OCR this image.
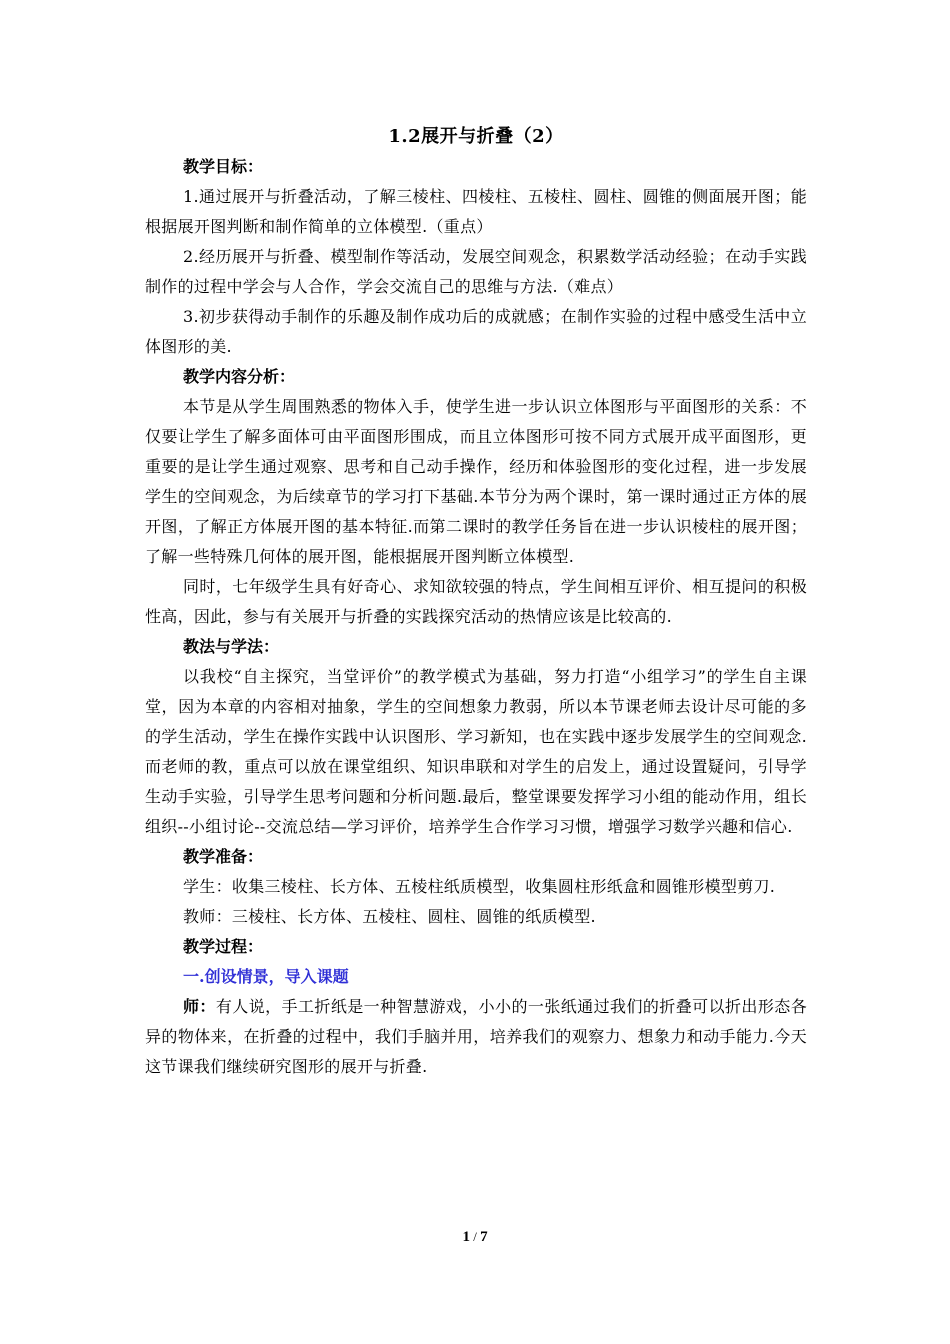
1.2展开与折叠（2）

教学目标：

1.通过展开与折叠活动，了解三棱柱、四棱柱、五棱柱、圆柱、圆锥的侧面展开图；能根据展开图判断和制作简单的立体模型.（重点）

2.经历展开与折叠、模型制作等活动，发展空间观念，积累数学活动经验；在动手实践制作的过程中学会与人合作，学会交流自己的思维与方法.（难点）

3.初步获得动手制作的乐趣及制作成功后的成就感；在制作实验的过程中感受生活中立体图形的美.

教学内容分析：

本节是从学生周围熟悉的物体入手，使学生进一步认识立体图形与平面图形的关系：不仅要让学生了解多面体可由平面图形围成，而且立体图形可按不同方式展开成平面图形，更重要的是让学生通过观察、思考和自己动手操作，经历和体验图形的变化过程，进一步发展学生的空间观念，为后续章节的学习打下基础.本节分为两个课时，第一课时通过正方体的展开图，了解正方体展开图的基本特征.而第二课时的教学任务旨在进一步认识棱柱的展开图；了解一些特殊几何体的展开图，能根据展开图判断立体模型.

同时，七年级学生具有好奇心、求知欲较强的特点，学生间相互评价、相互提问的积极性高，因此，参与有关展开与折叠的实践探究活动的热情应该是比较高的.

教法与学法：

以我校“自主探究，当堂评价”的教学模式为基础，努力打造“小组学习”的学生自主课堂，因为本章的内容相对抽象，学生的空间想象力教弱，所以本节课老师去设计尽可能的多的学生活动，学生在操作实践中认识图形、学习新知，也在实践中逐步发展学生的空间观念.而老师的教，重点可以放在课堂组织、知识串联和对学生的启发上，通过设置疑问，引导学生动手实验，引导学生思考问题和分析问题.最后，整堂课要发挥学习小组的能动作用，组长组织--小组讨论--交流总结—学习评价，培养学生合作学习习惯，增强学习数学兴趣和信心.

教学准备：

学生：收集三棱柱、长方体、五棱柱纸质模型，收集圆柱形纸盒和圆锥形模型剪刀.

教师：三棱柱、长方体、五棱柱、圆柱、圆锥的纸质模型.

教学过程：

一.创设情景，导入课题

师：有人说，手工折纸是一种智慧游戏，小小的一张纸通过我们的折叠可以折出形态各异的物体来，在折叠的过程中，我们手脑并用，培养我们的观察力、想象力和动手能力.今天这节课我们继续研究图形的展开与折叠.

1 / 7
